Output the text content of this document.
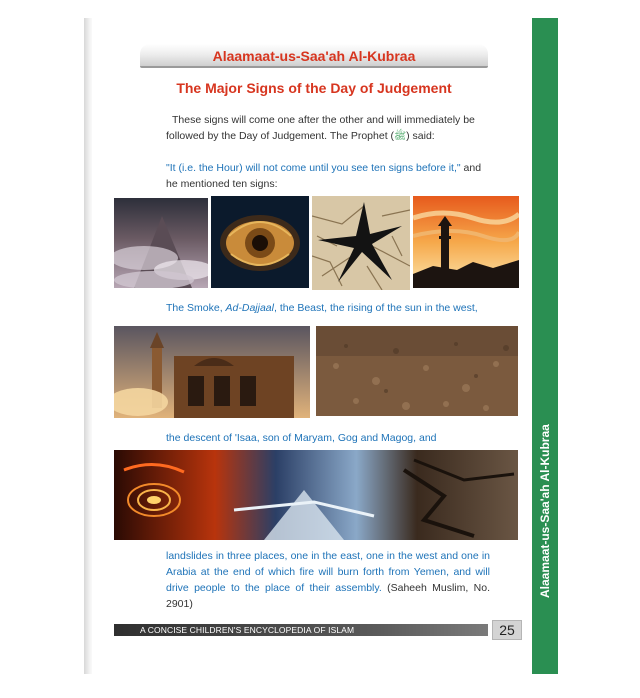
Alaamaat-us-Saa'ah Al-Kubraa
Alaamaat-us-Saa'ah Al-Kubraa
The Major Signs of the Day of Judgement

These signs will come one after the other and will immediately be followed by the Day of Judgement. The Prophet (ﷺ) said:

"It (i.e. the Hour) will not come until you see ten signs before it," and he mentioned ten signs:

The Smoke, Ad-Dajjaal, the Beast, the rising of the sun in the west,
the descent of 'Isaa, son of Maryam, Gog and Magog, and

landslides in three places, one in the east, one in the west and one in Arabia at the end of which fire will burn forth from Yemen, and will drive people to the place of their assembly. (Saheeh Muslim, No. 2901)

A CONCISE CHILDREN'S ENCYCLOPEDIA OF ISLAM	25
